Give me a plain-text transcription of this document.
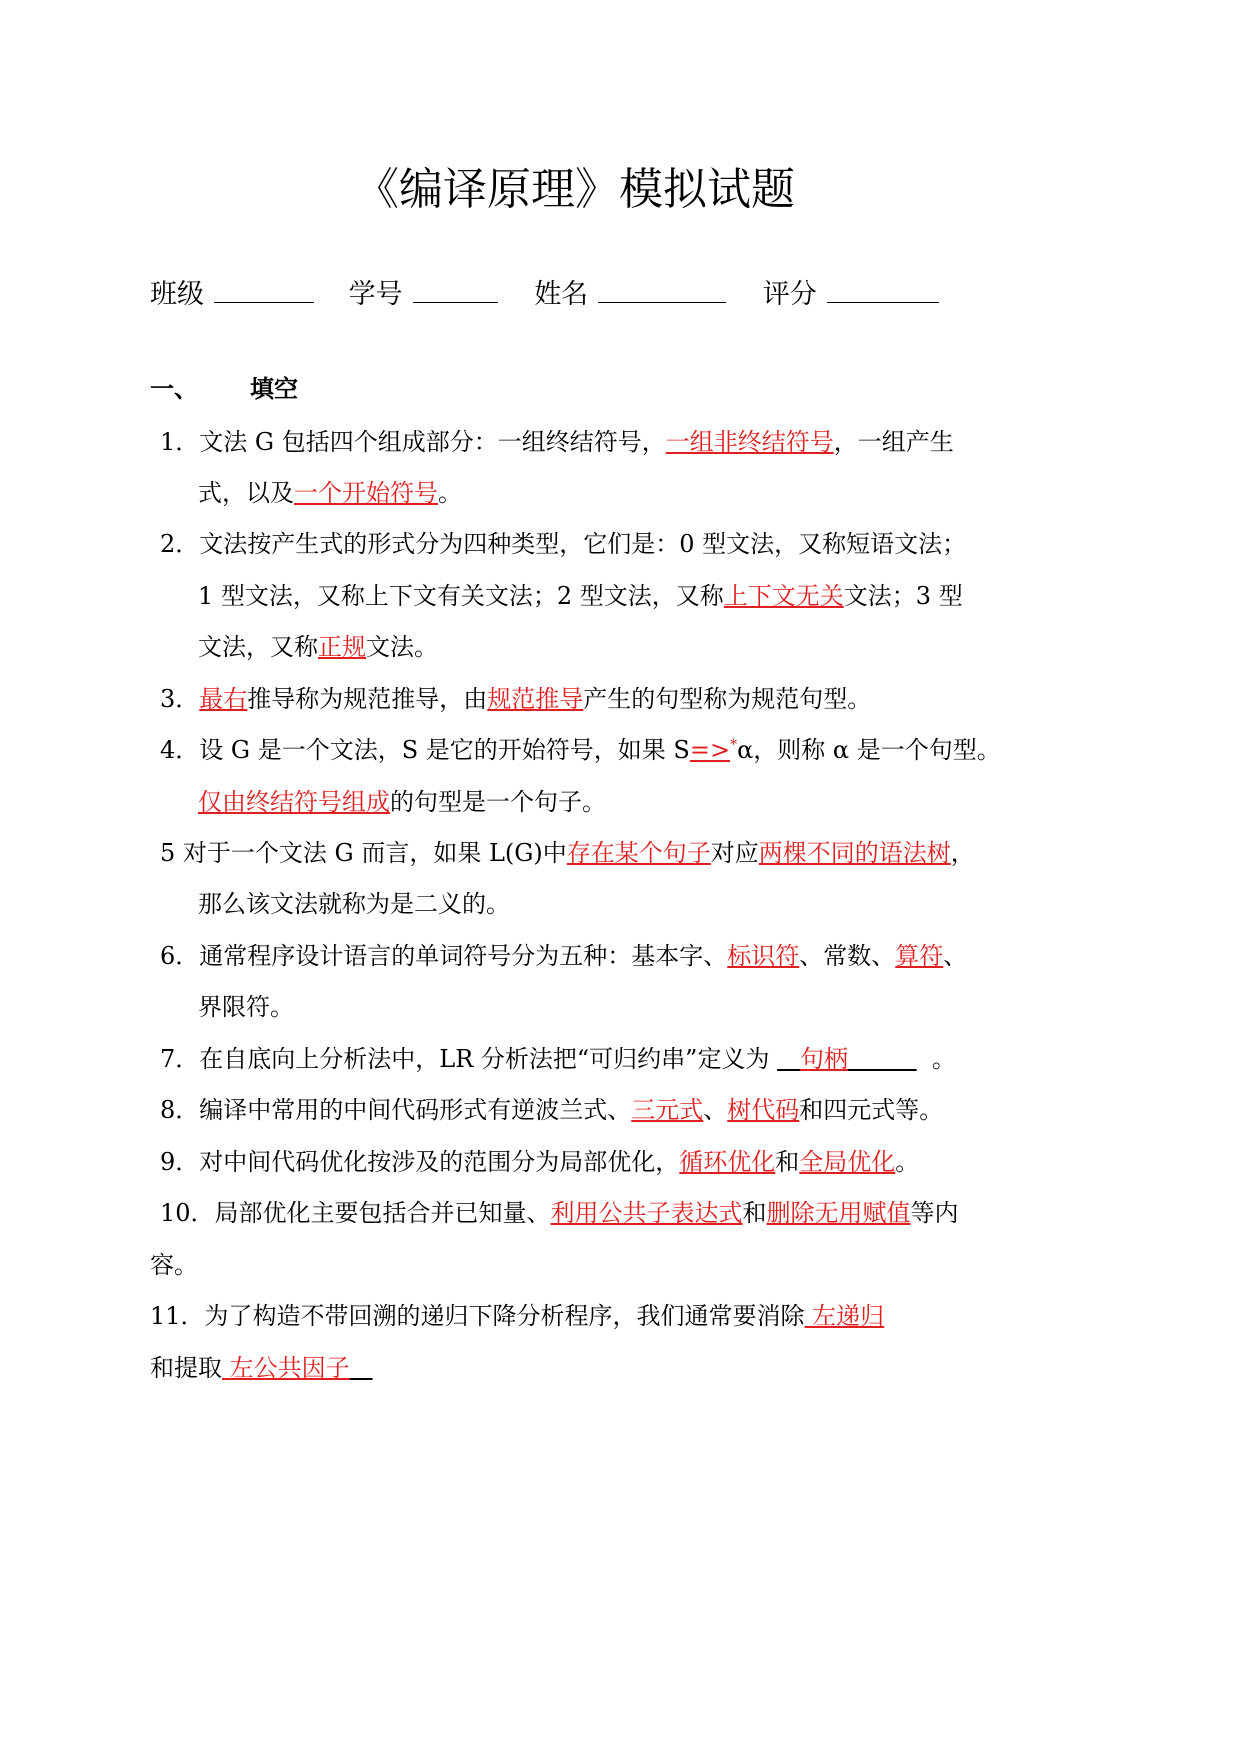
《编译原理》模拟试题
班级	学号	姓名	评分
一、 填空
1．文法 G 包括四个组成部分：一组终结符号，一组非终结符号，一组产生
式，以及一个开始符号。
2．文法按产生式的形式分为四种类型，它们是：0 型文法，又称短语文法；
1 型文法，又称上下文有关文法；2 型文法，又称上下文无关文法；3 型
文法，又称正规文法。
3．最右推导称为规范推导，由规范推导产生的句型称为规范句型。
4．设 G 是一个文法，S 是它的开始符号，如果 S=>*α，则称 α 是一个句型。
仅由终结符号组成的句型是一个句子。
5 对于一个文法 G 而言，如果 L(G)中存在某个句子对应两棵不同的语法树，
那么该文法就称为是二义的。
6．通常程序设计语言的单词符号分为五种：基本字、标识符、常数、算符、
界限符。
7．在自底向上分析法中，LR 分析法把“可归约串”定义为    句柄	。
8．编译中常用的中间代码形式有逆波兰式、三元式、树代码和四元式等。
9．对中间代码优化按涉及的范围分为局部优化，循环优化和全局优化。
10．局部优化主要包括合并已知量、利用公共子表达式和删除无用赋值等内
容。
11．为了构造不带回溯的递归下降分析程序，我们通常要消除 左递归
和提取 左公共因子
